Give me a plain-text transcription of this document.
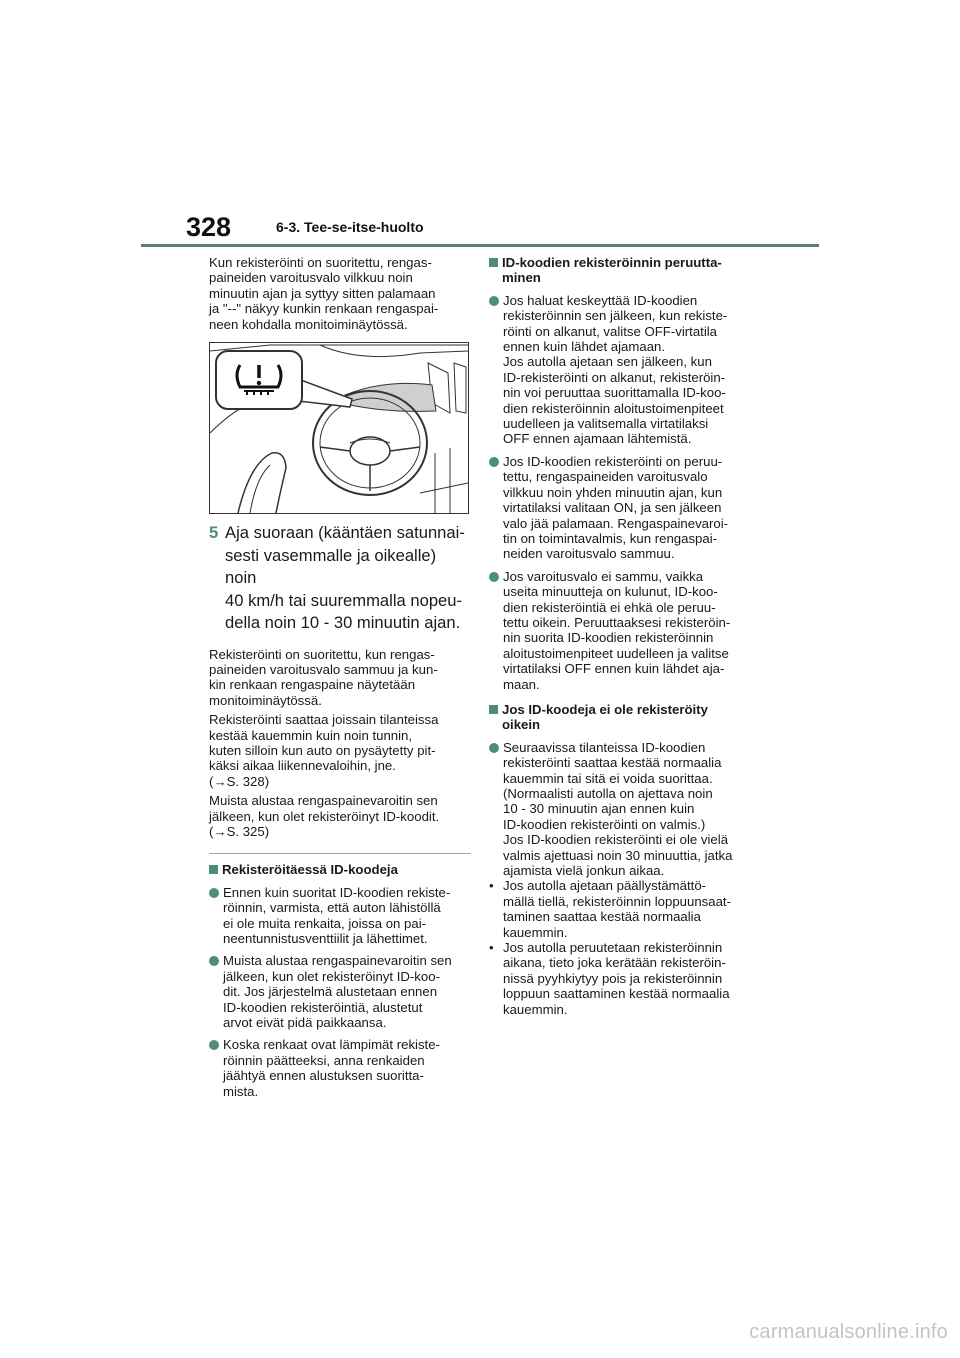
328	6-3. Tee-se-itse-huolto

Kun rekisteröinti on suoritettu, rengas-
paineiden varoitusvalo vilkkuu noin
minuutin ajan ja syttyy sitten palamaan
ja "--" näkyy kunkin renkaan rengaspai-
neen kohdalla monitoiminäytössä.

5 Aja suoraan (kääntäen satunnai-
sesti vasemmalle ja oikealle) noin
40 km/h tai suuremmalla nopeu-
della noin 10 - 30 minuutin ajan.

Rekisteröinti on suoritettu, kun rengas-
paineiden varoitusvalo sammuu ja kun-
kin renkaan rengaspaine näytetään
monitoiminäytössä.

Rekisteröinti saattaa joissain tilanteissa
kestää kauemmin kuin noin tunnin,
kuten silloin kun auto on pysäytetty pit-
käksi aikaa liikennevaloihin, jne.
(→S. 328)

Muista alustaa rengaspainevaroitin sen
jälkeen, kun olet rekisteröinyt ID-koodit.
(→S. 325)

Rekisteröitäessä ID-koodeja

Ennen kuin suoritat ID-koodien rekiste-
röinnin, varmista, että auton lähistöllä
ei ole muita renkaita, joissa on pai-
neentunnistusventtiilit ja lähettimet.

Muista alustaa rengaspainevaroitin sen
jälkeen, kun olet rekisteröinyt ID-koo-
dit. Jos järjestelmä alustetaan ennen
ID-koodien rekisteröintiä, alustetut
arvot eivät pidä paikkaansa.

Koska renkaat ovat lämpimät rekiste-
röinnin päätteeksi, anna renkaiden
jäähtyä ennen alustuksen suoritta-
mista.

ID-koodien rekisteröinnin peruutta-
minen

Jos haluat keskeyttää ID-koodien
rekisteröinnin sen jälkeen, kun rekiste-
röinti on alkanut, valitse OFF-virtatila
ennen kuin lähdet ajamaan.
Jos autolla ajetaan sen jälkeen, kun
ID-rekisteröinti on alkanut, rekisteröin-
nin voi peruuttaa suorittamalla ID-koo-
dien rekisteröinnin aloitustoimenpiteet
uudelleen ja valitsemalla virtatilaksi
OFF ennen ajamaan lähtemistä.

Jos ID-koodien rekisteröinti on peruu-
tettu, rengaspaineiden varoitusvalo
vilkkuu noin yhden minuutin ajan, kun
virtatilaksi valitaan ON, ja sen jälkeen
valo jää palamaan. Rengaspainevaroi-
tin on toimintavalmis, kun rengaspai-
neiden varoitusvalo sammuu.

Jos varoitusvalo ei sammu, vaikka
useita minuutteja on kulunut, ID-koo-
dien rekisteröintiä ei ehkä ole peruu-
tettu oikein. Peruuttaaksesi rekisteröin-
nin suorita ID-koodien rekisteröinnin
aloitustoimenpiteet uudelleen ja valitse
virtatilaksi OFF ennen kuin lähdet aja-
maan.

Jos ID-koodeja ei ole rekisteröity
oikein

Seuraavissa tilanteissa ID-koodien
rekisteröinti saattaa kestää normaalia
kauemmin tai sitä ei voida suorittaa.
(Normaalisti autolla on ajettava noin
10 - 30 minuutin ajan ennen kuin
ID-koodien rekisteröinti on valmis.)
Jos ID-koodien rekisteröinti ei ole vielä
valmis ajettuasi noin 30 minuuttia, jatka
ajamista vielä jonkun aikaa.

• Jos autolla ajetaan päällystämättö-
mällä tiellä, rekisteröinnin loppuunsaat-
taminen saattaa kestää normaalia
kauemmin.

• Jos autolla peruutetaan rekisteröinnin
aikana, tieto joka kerätään rekisteröin-
nissä pyyhkiytyy pois ja rekisteröinnin
loppuun saattaminen kestää normaalia
kauemmin.

carmanualsonline.info
